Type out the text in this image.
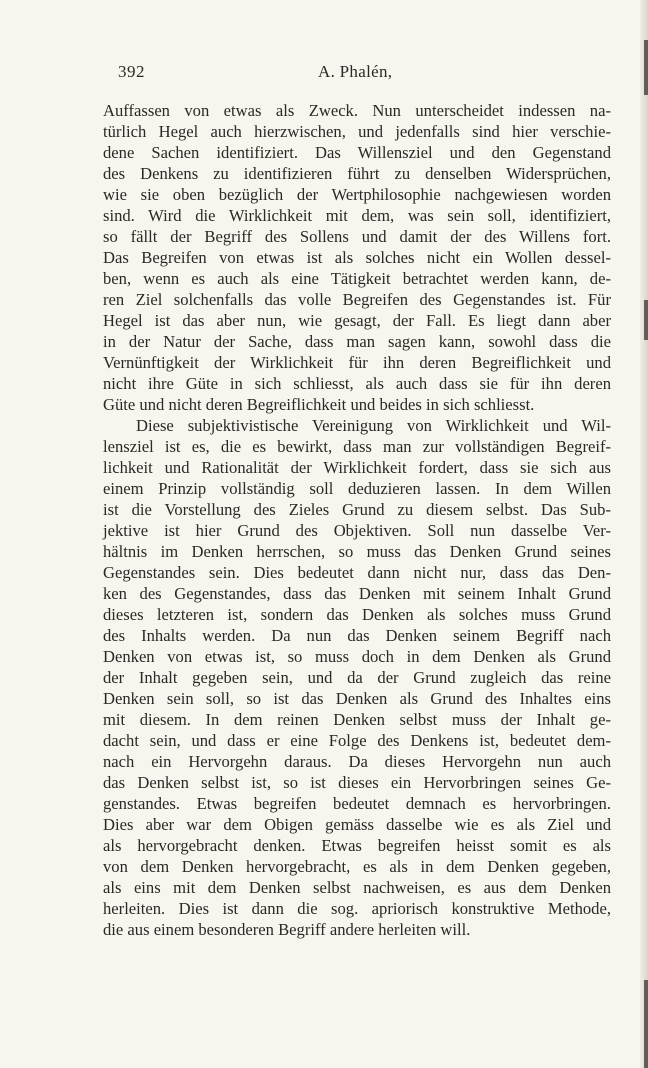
392	A. Phalén,
Auffassen von etwas als Zweck. Nun unterscheidet indessen na-
türlich Hegel auch hierzwischen, und jedenfalls sind hier verschie-
dene Sachen identifiziert. Das Willensziel und den Gegenstand
des Denkens zu identifizieren führt zu denselben Widersprüchen,
wie sie oben bezüglich der Wertphilosophie nachgewiesen worden
sind. Wird die Wirklichkeit mit dem, was sein soll, identifiziert,
so fällt der Begriff des Sollens und damit der des Willens fort.
Das Begreifen von etwas ist als solches nicht ein Wollen dessel-
ben, wenn es auch als eine Tätigkeit betrachtet werden kann, de-
ren Ziel solchenfalls das volle Begreifen des Gegenstandes ist. Für
Hegel ist das aber nun, wie gesagt, der Fall. Es liegt dann aber
in der Natur der Sache, dass man sagen kann, sowohl dass die
Vernünftigkeit der Wirklichkeit für ihn deren Begreiflichkeit und
nicht ihre Güte in sich schliesst, als auch dass sie für ihn deren
Güte und nicht deren Begreiflichkeit und beides in sich schliesst.
Diese subjektivistische Vereinigung von Wirklichkeit und Wil-
lensziel ist es, die es bewirkt, dass man zur vollständigen Begreif-
lichkeit und Rationalität der Wirklichkeit fordert, dass sie sich aus
einem Prinzip vollständig soll deduzieren lassen. In dem Willen
ist die Vorstellung des Zieles Grund zu diesem selbst. Das Sub-
jektive ist hier Grund des Objektiven. Soll nun dasselbe Ver-
hältnis im Denken herrschen, so muss das Denken Grund seines
Gegenstandes sein. Dies bedeutet dann nicht nur, dass das Den-
ken des Gegenstandes, dass das Denken mit seinem Inhalt Grund
dieses letzteren ist, sondern das Denken als solches muss Grund
des Inhalts werden. Da nun das Denken seinem Begriff nach
Denken von etwas ist, so muss doch in dem Denken als Grund
der Inhalt gegeben sein, und da der Grund zugleich das reine
Denken sein soll, so ist das Denken als Grund des Inhaltes eins
mit diesem. In dem reinen Denken selbst muss der Inhalt ge-
dacht sein, und dass er eine Folge des Denkens ist, bedeutet dem-
nach ein Hervorgehn daraus. Da dieses Hervorgehn nun auch
das Denken selbst ist, so ist dieses ein Hervorbringen seines Ge-
genstandes. Etwas begreifen bedeutet demnach es hervorbringen.
Dies aber war dem Obigen gemäss dasselbe wie es als Ziel und
als hervorgebracht denken. Etwas begreifen heisst somit es als
von dem Denken hervorgebracht, es als in dem Denken gegeben,
als eins mit dem Denken selbst nachweisen, es aus dem Denken
herleiten. Dies ist dann die sog. apriorisch konstruktive Methode,
die aus einem besonderen Begriff andere herleiten will.
